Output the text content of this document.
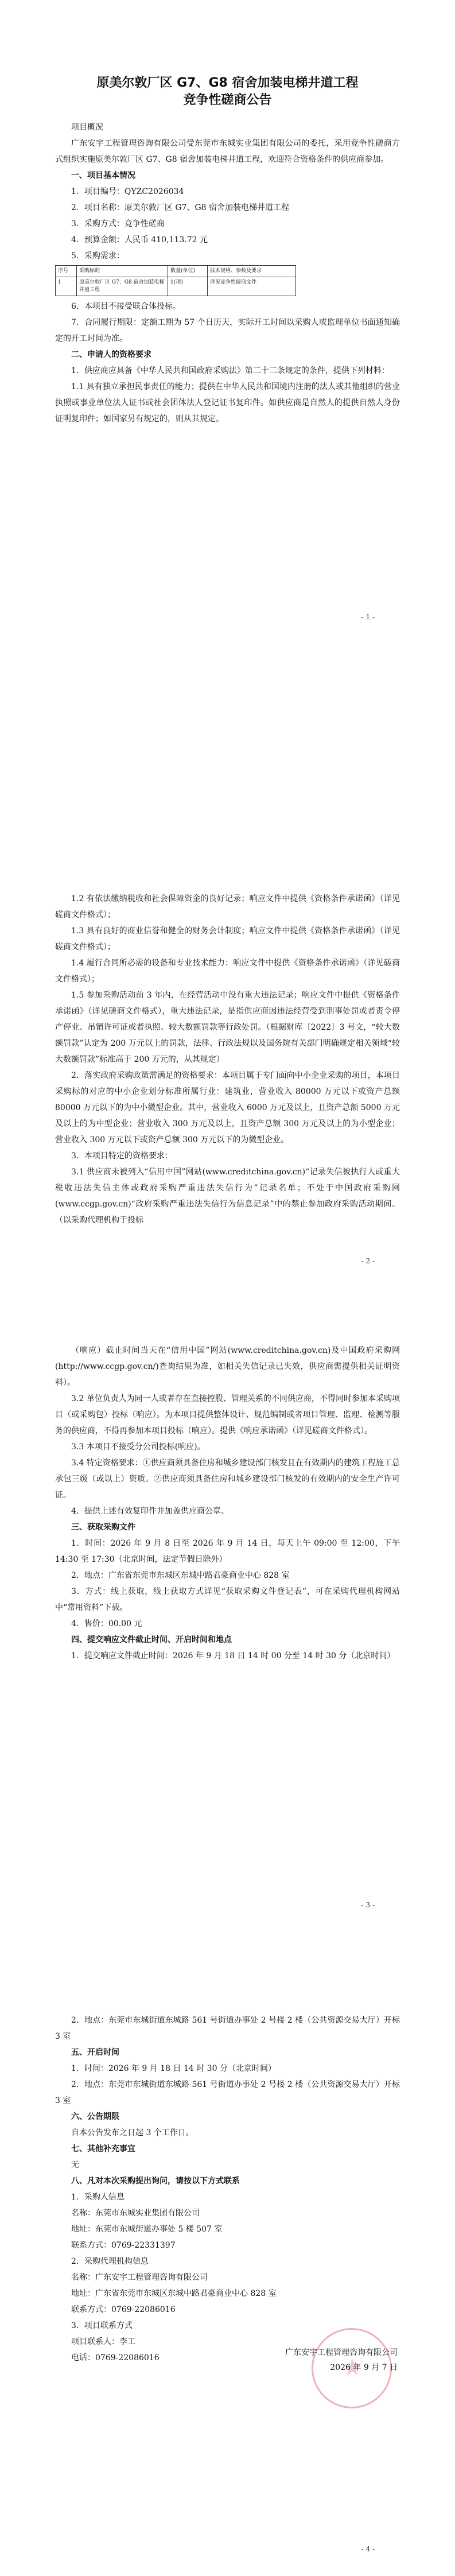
原美尔敦厂区 G7、G8 宿舍加装电梯井道工程
竞争性磋商公告

项目概况

广东安宇工程管理咨询有限公司受东莞市东城实业集团有限公司的委托，采用竞争性磋商方式组织实施原美尔敦厂区 G7、G8 宿舍加装电梯井道工程，欢迎符合资格条件的供应商参加。

一、项目基本情况

1．项目编号：QYZC2026034

2．项目名称：原美尔敦厂区 G7、G8 宿舍加装电梯井道工程

3．采购方式：竞争性磋商

4．预算金额：人民币 410,113.72 元

5．采购需求：

序号	采购标的	数量(单位)	技术规格、参数及要求
1	原美尔敦厂区 G7、G8 宿舍加装电梯井道工程	1(项)	详见竞争性磋商文件

6．本项目不接受联合体投标。

7．合同履行期限：定额工期为 57 个日历天，实际开工时间以采购人或监理单位书面通知确定的开工时间为准。

二、申请人的资格要求

1．供应商应具备《中华人民共和国政府采购法》第二十二条规定的条件，提供下列材料：

1.1 具有独立承担民事责任的能力；提供在中华人民共和国境内注册的法人或其他组织的营业执照或事业单位法人证书或社会团体法人登记证书复印件。如供应商是自然人的提供自然人身份证明复印件；如国家另有规定的，则从其规定。

- 1 -

1.2 有依法缴纳税收和社会保障资金的良好记录；响应文件中提供《资格条件承诺函》（详见磋商文件格式）；

1.3 具有良好的商业信誉和健全的财务会计制度；响应文件中提供《资格条件承诺函》（详见磋商文件格式）；

1.4 履行合同所必需的设备和专业技术能力：响应文件中提供《资格条件承诺函》（详见磋商文件格式）；

1.5 参加采购活动前 3 年内，在经营活动中没有重大违法记录；响应文件中提供《资格条件承诺函》（详见磋商文件格式），重大违法记录，是指供应商因违法经营受到刑事处罚或者责令停产停业、吊销许可证或者执照、较大数额罚款等行政处罚。（根据财库〔2022〕3 号文，“较大数额罚款”认定为 200 万元以上的罚款，法律、行政法规以及国务院有关部门明确规定相关领域“较大数额罚款”标准高于 200 万元的，从其规定）

2．落实政府采购政策需满足的资格要求：本项目属于专门面向中小企业采购的项目，本项目采购标的对应的中小企业划分标准所属行业：建筑业，营业收入 80000 万元以下或资产总额 80000 万元以下的为中小微型企业。其中，营业收入 6000 万元及以上，且资产总额 5000 万元及以上的为中型企业；营业收入 300 万元及以上，且资产总额 300 万元及以上的为小型企业；营业收入 300 万元以下或资产总额 300 万元以下的为微型企业。

3．本项目特定的资格要求：

3.1 供应商未被列入“信用中国”网站(www.creditchina.gov.cn)“记录失信被执行人或重大税收违法失信主体或政府采购严重违法失信行为”记录名单；不处于中国政府采购网(www.ccgp.gov.cn)“政府采购严重违法失信行为信息记录”中的禁止参加政府采购活动期间。（以采购代理机构于投标

- 2 -

（响应）截止时间当天在“信用中国”网站(www.creditchina.gov.cn)及中国政府采购网(http://www.ccgp.gov.cn/)查询结果为准，如相关失信记录已失效，供应商需提供相关证明资料）。

3.2 单位负责人为同一人或者存在直接控股、管理关系的不同供应商，不得同时参加本采购项目（或采购包）投标（响应）。为本项目提供整体设计、规范编制或者项目管理、监理、检测等服务的供应商，不得再参加本项目投标（响应）。提供《响应承诺函》（详见磋商文件格式）。

3.3 本项目不接受分公司投标(响应)。

3.4 特定资格要求：①供应商须具备住房和城乡建设部门核发且在有效期内的建筑工程施工总承包三级（或以上）资质。②供应商须具备住房和城乡建设部门核发的有效期内的安全生产许可证。

4．提供上述有效复印件并加盖供应商公章。

三、获取采购文件

1．时间：2026 年 9 月 8 日至 2026 年 9 月 14 日，每天上午 09:00 至 12:00，下午 14:30 至 17:30（北京时间，法定节假日除外）

2．地点：广东省东莞市东城区东城中路君豪商业中心 828 室

3．方式：线上获取，线上获取方式详见“获取采购文件登记表”，可在采购代理机构网站中“常用资料”下载。

4．售价：00.00 元

四、提交响应文件截止时间、开启时间和地点

1．提交响应文件截止时间：2026 年 9 月 18 日 14 时 00 分至 14 时 30 分（北京时间）

- 3 -

2．地点：东莞市东城街道东城路 561 号街道办事处 2 号楼 2 楼（公共资源交易大厅）开标 3 室

五、开启时间

1．时间：2026 年 9 月 18 日 14 时 30 分（北京时间）

2．地点：东莞市东城街道东城路 561 号街道办事处 2 号楼 2 楼（公共资源交易大厅）开标 3 室

六、公告期限

自本公告发布之日起 3 个工作日。

七、其他补充事宜

无

八、凡对本次采购提出询问，请按以下方式联系

1．采购人信息

名称：东莞市东城实业集团有限公司

地址：东莞市东城街道办事处 5 楼 507 室

联系方式：0769-22331397

2．采购代理机构信息

名称：广东安宇工程管理咨询有限公司

地址：广东省东莞市东城区东城中路君豪商业中心 828 室

联系方式：0769-22086016

3．项目联系方式

项目联系人：李工

电话：0769-22086016

广东安宇工程管理咨询有限公司
2026 年 9 月 7 日
- 4 -
